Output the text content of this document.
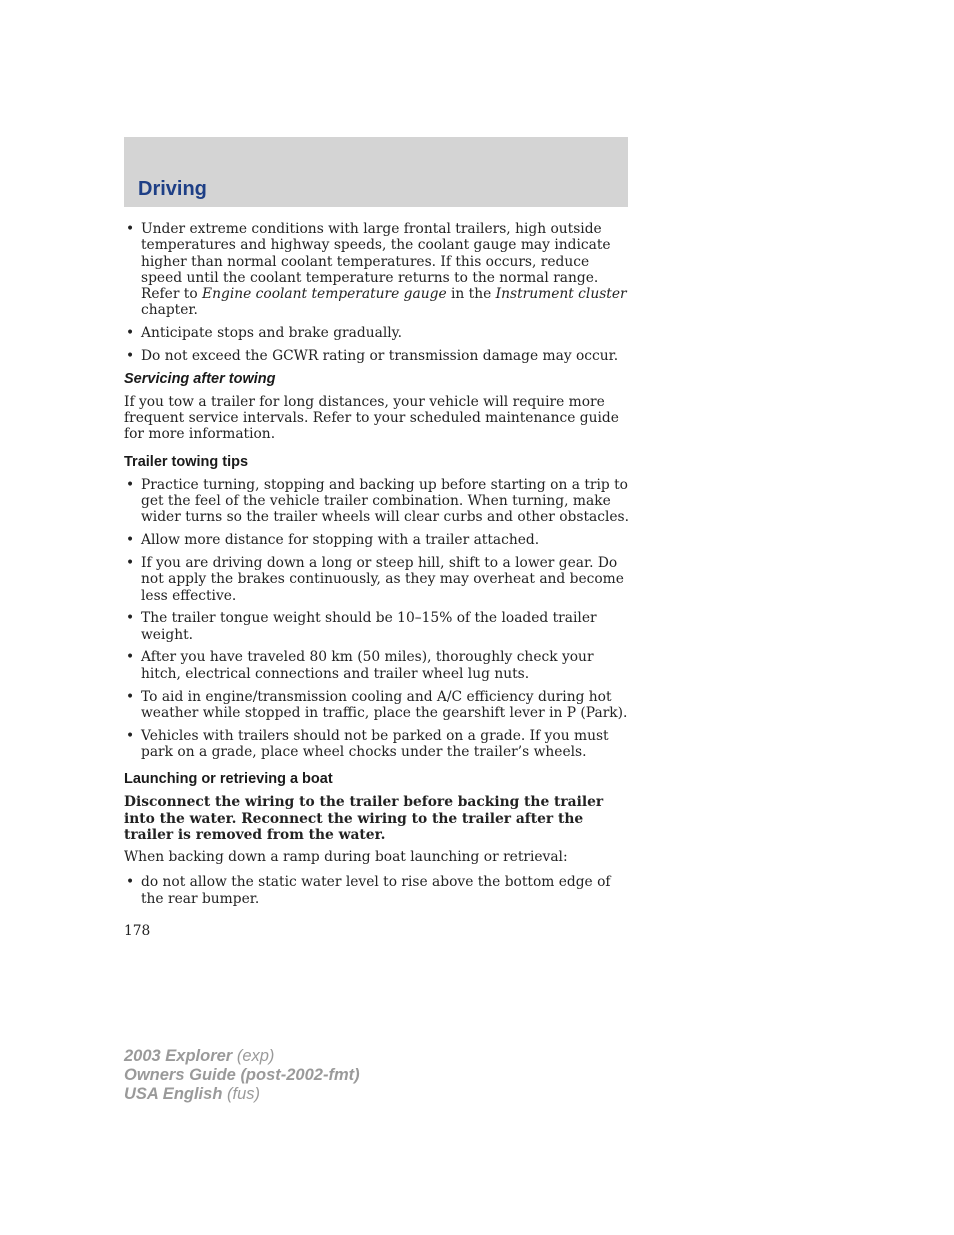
Driving
• Under extreme conditions with large frontal trailers, high outside temperatures and highway speeds, the coolant gauge may indicate higher than normal coolant temperatures. If this occurs, reduce speed until the coolant temperature returns to the normal range. Refer to Engine coolant temperature gauge in the Instrument cluster chapter.
• Anticipate stops and brake gradually.
• Do not exceed the GCWR rating or transmission damage may occur.
Servicing after towing

If you tow a trailer for long distances, your vehicle will require more frequent service intervals. Refer to your scheduled maintenance guide for more information.

Trailer towing tips
• Practice turning, stopping and backing up before starting on a trip to get the feel of the vehicle trailer combination. When turning, make wider turns so the trailer wheels will clear curbs and other obstacles.
• Allow more distance for stopping with a trailer attached.
• If you are driving down a long or steep hill, shift to a lower gear. Do not apply the brakes continuously, as they may overheat and become less effective.
• The trailer tongue weight should be 10–15% of the loaded trailer weight.
• After you have traveled 80 km (50 miles), thoroughly check your hitch, electrical connections and trailer wheel lug nuts.
• To aid in engine/transmission cooling and A/C efficiency during hot weather while stopped in traffic, place the gearshift lever in P (Park).
• Vehicles with trailers should not be parked on a grade. If you must park on a grade, place wheel chocks under the trailer’s wheels.
Launching or retrieving a boat

Disconnect the wiring to the trailer before backing the trailer into the water. Reconnect the wiring to the trailer after the trailer is removed from the water.

When backing down a ramp during boat launching or retrieval:

• do not allow the static water level to rise above the bottom edge of the rear bumper.
178
2003 Explorer (exp)
Owners Guide (post-2002-fmt)
USA English (fus)
